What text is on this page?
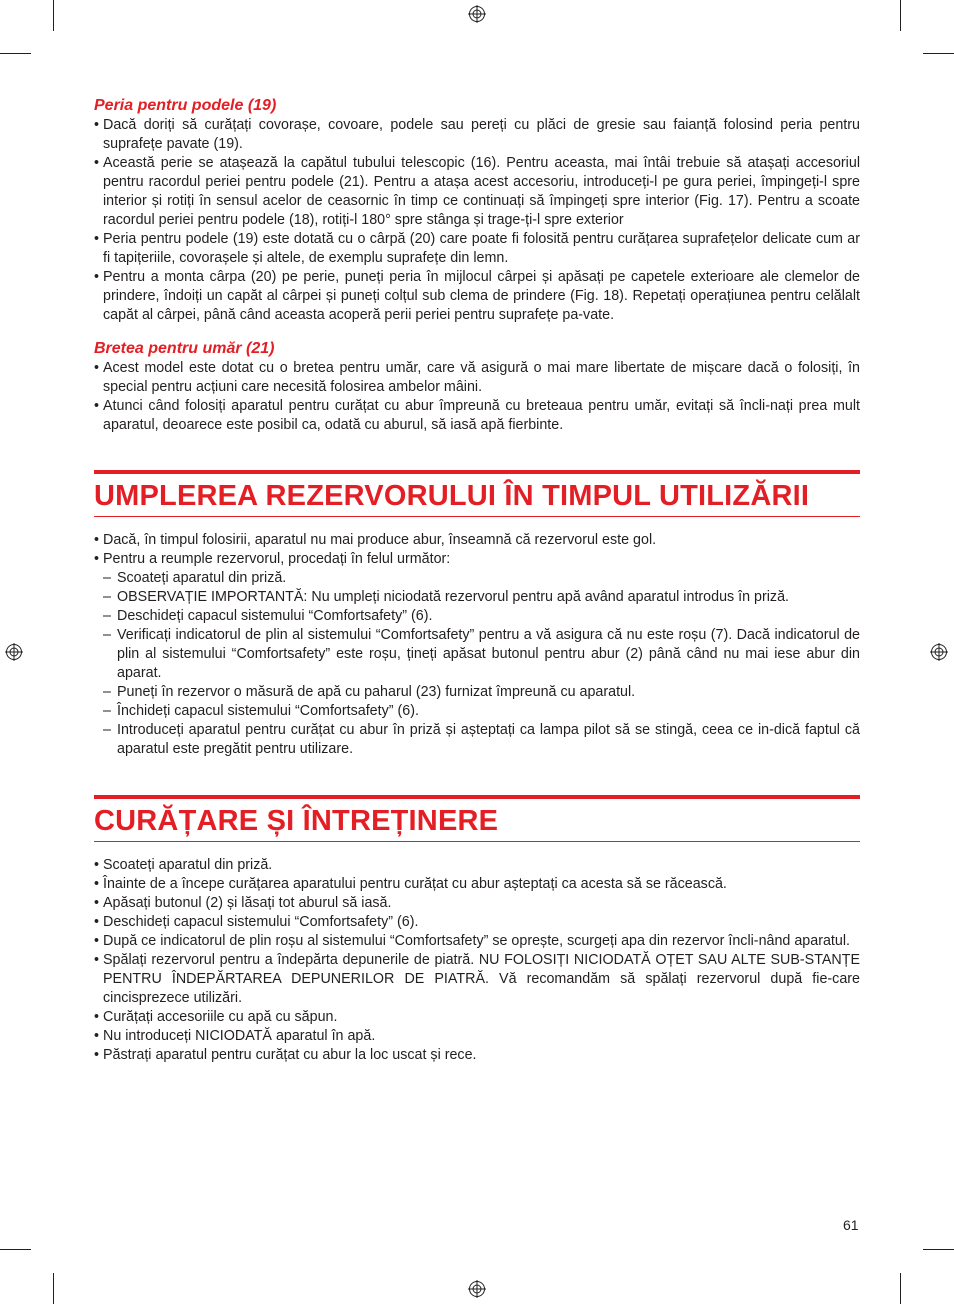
Peria pentru podele (19)
• Dacă doriți să curățați covorașe, covoare, podele sau pereți cu plăci de gresie sau faianță folosind peria pentru suprafețe pavate (19).
• Această perie se atașează la capătul tubului telescopic (16). Pentru aceasta, mai întâi trebuie să atașați accesoriul pentru racordul periei pentru podele (21). Pentru a atașa acest accesoriu, introduceți-l pe gura periei, împingeți-l spre interior și rotiți în sensul acelor de ceasornic în timp ce continuați să împingeți spre interior (Fig. 17). Pentru a scoate racordul periei pentru podele (18), rotiți-l 180° spre stânga și trage-ți-l spre exterior
• Peria pentru podele (19) este dotată cu o cârpă (20) care poate fi folosită pentru curățarea suprafețelor delicate cum ar fi tapițeriile, covorașele și altele, de exemplu suprafețe din lemn.
• Pentru a monta cârpa (20) pe perie, puneți peria în mijlocul cârpei și apăsați pe capetele exterioare ale clemelor de prindere, îndoiți un capăt al cârpei și puneți colțul sub clema de prindere (Fig. 18). Repetați operațiunea pentru celălalt capăt al cârpei, până când aceasta acoperă perii periei pentru suprafețe pa-vate.
Bretea pentru umăr (21)
• Acest model este dotat cu o bretea pentru umăr, care vă asigură o mai mare libertate de mișcare dacă o folosiți, în special pentru acțiuni care necesită folosirea ambelor mâini.
• Atunci când folosiți aparatul pentru curățat cu abur împreună cu breteaua pentru umăr, evitați să încli-nați prea mult aparatul, deoarece este posibil ca, odată cu aburul, să iasă apă fierbinte.
UMPLEREA REZERVORULUI ÎN TIMPUL UTILIZĂRII
• Dacă, în timpul folosirii, aparatul nu mai produce abur, înseamnă că rezervorul este gol.
• Pentru a reumple rezervorul, procedați în felul următor:
– Scoateți aparatul din priză.
– OBSERVAȚIE IMPORTANTĂ: Nu umpleți niciodată rezervorul pentru apă având aparatul introdus în priză.
– Deschideți capacul sistemului “Comfortsafety” (6).
– Verificați indicatorul de plin al sistemului “Comfortsafety” pentru a vă asigura că nu este roșu (7). Dacă indicatorul de plin al sistemului “Comfortsafety” este roșu, țineți apăsat butonul pentru abur (2) până când nu mai iese abur din aparat.
– Puneți în rezervor o măsură de apă cu paharul (23) furnizat împreună cu aparatul.
– Închideți capacul sistemului “Comfortsafety” (6).
– Introduceți aparatul pentru curățat cu abur în priză și așteptați ca lampa pilot să se stingă, ceea ce in-dică faptul că aparatul este pregătit pentru utilizare.
CURĂȚARE ȘI ÎNTREȚINERE
• Scoateți aparatul din priză.
• Înainte de a începe curățarea aparatului pentru curățat cu abur așteptați ca acesta să se răcească.
• Apăsați butonul (2) și lăsați tot aburul să iasă.
• Deschideți capacul sistemului “Comfortsafety” (6).
• După ce indicatorul de plin roșu al sistemului “Comfortsafety” se oprește, scurgeți apa din rezervor încli-nând aparatul.
• Spălați rezervorul pentru a îndepărta depunerile de piatră. NU FOLOSIȚI NICIODATĂ OȚET SAU ALTE SUB-STANȚE PENTRU ÎNDEPĂRTAREA DEPUNERILOR DE PIATRĂ. Vă recomandăm să spălați rezervorul după fie-care cincisprezece utilizări.
• Curățați accesoriile cu apă cu săpun.
• Nu introduceți NICIODATĂ aparatul în apă.
• Păstrați aparatul pentru curățat cu abur la loc uscat și rece.
61
